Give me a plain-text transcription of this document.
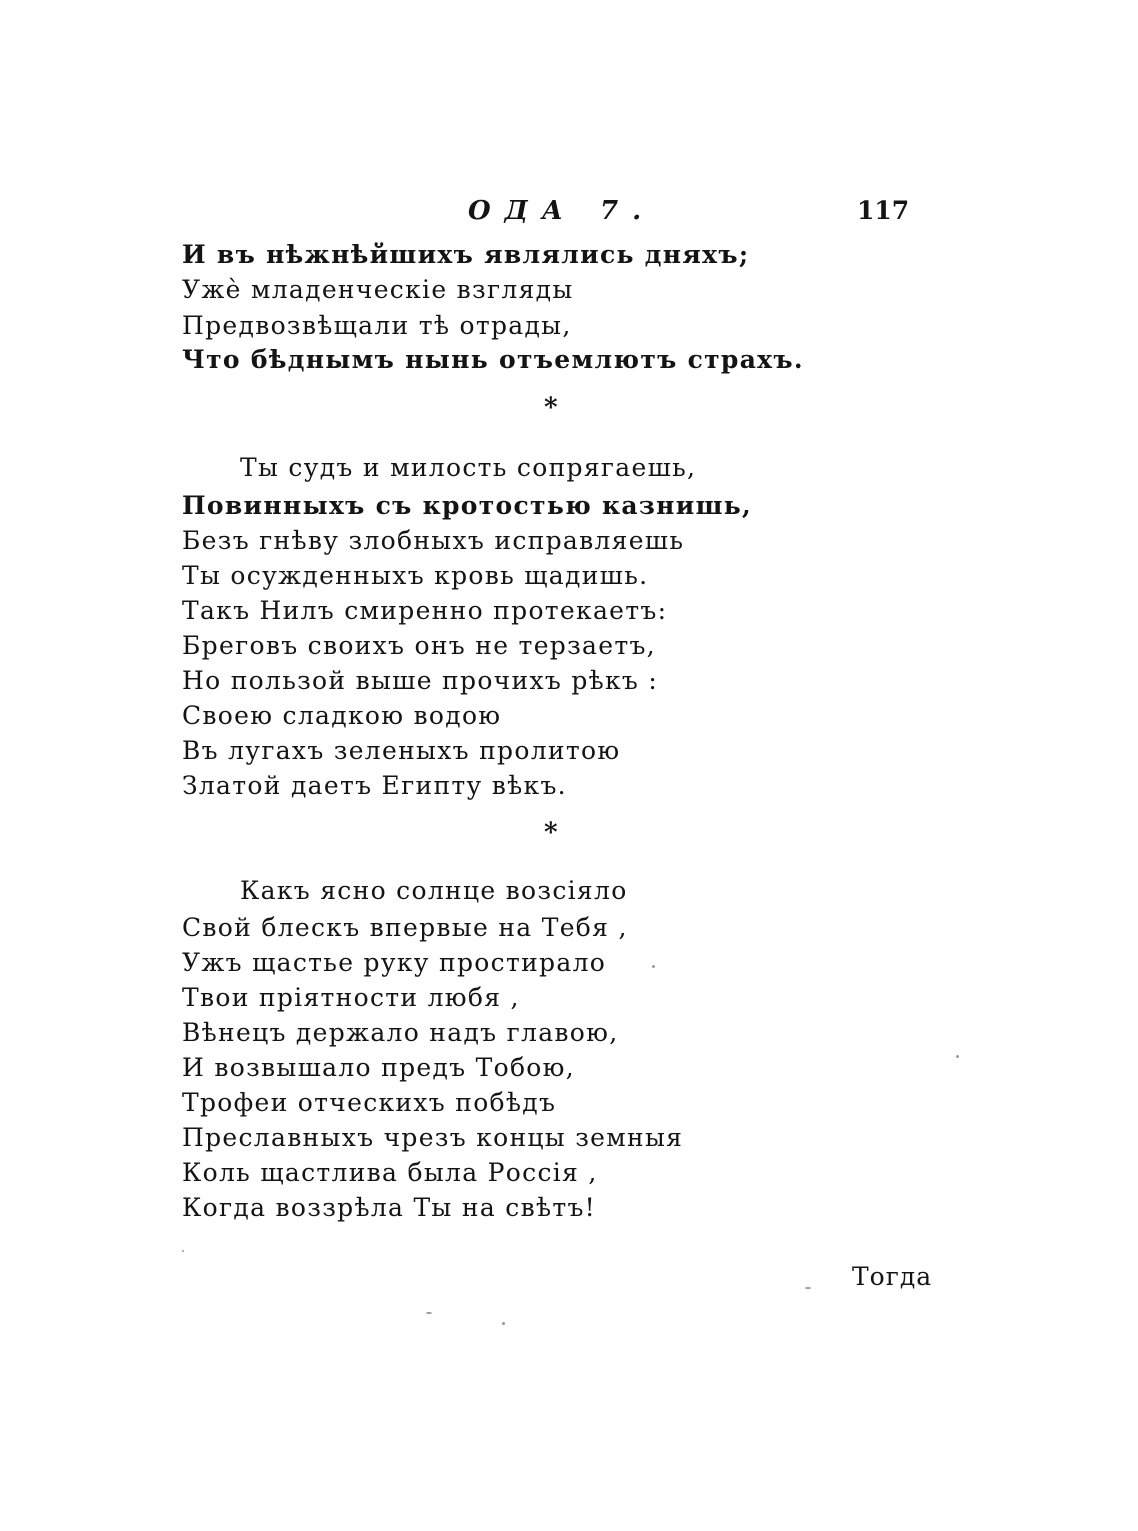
ОДА 7.	117
И въ нѣжнѣйшихъ являлись дняхъ;
Ужѐ младенческіе взгляды
Предвозвѣщали тѣ отрады,
Что бѣднымъ нынь отъемлютъ страхъ.
*
Ты судъ и милость сопрягаешь,
Повинныхъ съ кротостью казнишь,
Безъ гнѣву злобныхъ исправляешь
Ты осужденныхъ кровь щадишь.
Такъ Нилъ смиренно протекаетъ:
Бреговъ своихъ онъ не терзаетъ,
Но пользой выше прочихъ рѣкъ :
Своею сладкою водою
Въ лугахъ зеленыхъ пролитою
Златой даетъ Египту вѣкъ.
*
Какъ ясно солнце возсіяло
Свой блескъ впервые на Тебя ,
Ужъ щастье руку простирало
Твои пріятности любя ,
Вѣнецъ держало надъ главою,
И возвышало предъ Тобою,
Трофеи отческихъ побѣдъ
Преславныхъ чрезъ концы земныя
Коль щастлива была Россія ,
Когда воззрѣла Ты на свѣтъ!
Тогда
